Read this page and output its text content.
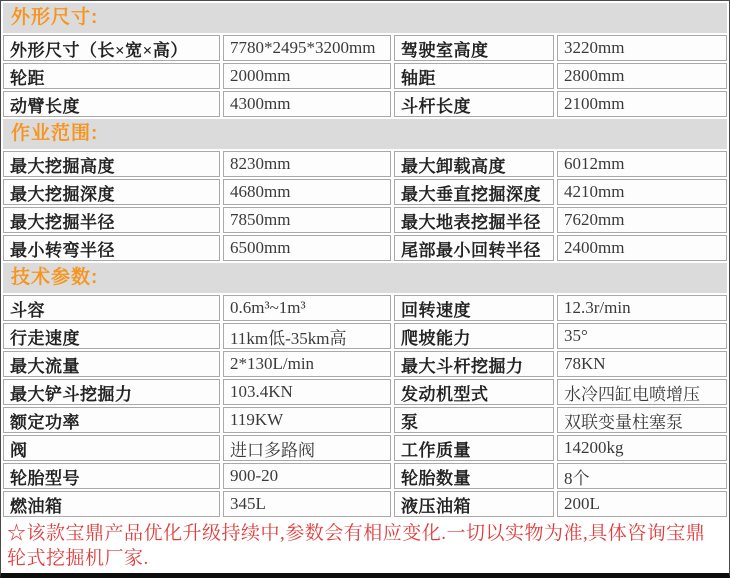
外形尺寸:
外形尺寸（长×宽×高）	7780*2495*3200mm	驾驶室高度	3220mm
轮距	2000mm	轴距	2800mm
动臂长度	4300mm	斗杆长度	2100mm
作业范围:
最大挖掘高度	8230mm	最大卸载高度	6012mm
最大挖掘深度	4680mm	最大垂直挖掘深度	4210mm
最大挖掘半径	7850mm	最大地表挖掘半径	7620mm
最小转弯半径	6500mm	尾部最小回转半径	2400mm
技术参数:
斗容	0.6m³~1m³	回转速度	12.3r/min
行走速度	11km低-35km高	爬坡能力	35°
最大流量	2*130L/min	最大斗杆挖掘力	78KN
最大铲斗挖掘力	103.4KN	发动机型式	水冷四缸电喷增压
额定功率	119KW	泵	双联变量柱塞泵
阀	进口多路阀	工作质量	14200kg
轮胎型号	900-20	轮胎数量	8个
燃油箱	345L	液压油箱	200L
☆该款宝鼎产品优化升级持续中,参数会有相应变化.一切以实物为准,具体咨询宝鼎轮式挖掘机厂家.
